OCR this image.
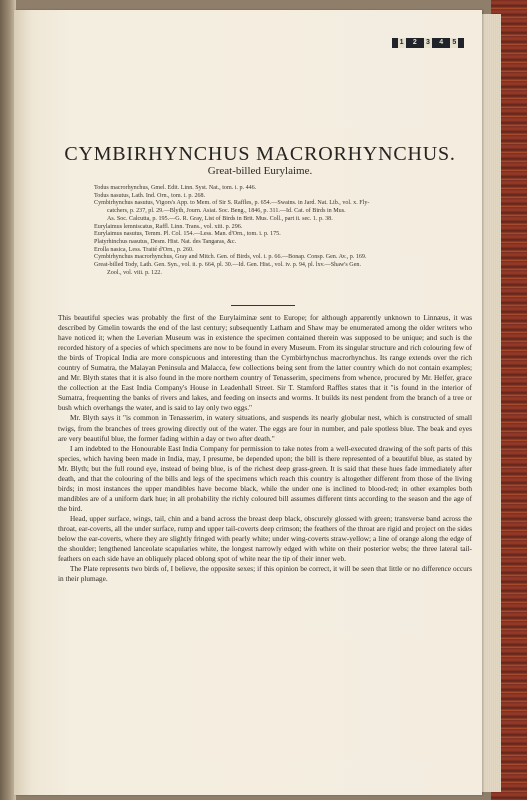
1 2 3 4 5
CYMBIRHYNCHUS MACRORHYNCHUS.
Great-billed Eurylaime.
Todus macrorhynchus, Gmel. Edit. Linn. Syst. Nat., tom. i. p. 446.
Todus nasutus, Lath. Ind. Orn., tom. i. p. 268.
Cymbirhynchus nasutus, Vigors's App. to Mem. of Sir S. Raffles, p. 654.—Swains. in Jard. Nat. Lib., vol. x. Fly-
catchers, p. 237, pl. 29.—Blyth, Journ. Asiat. Soc. Beng., 1846, p. 311.—Id. Cat. of Birds in Mus.
As. Soc. Calcutta, p. 195.—G. R. Gray, List of Birds in Brit. Mus. Coll., part ii. sec. 1. p. 38.
Eurylaimus lemniscatus, Raffl. Linn. Trans., vol. xiii. p. 296.
Eurylaimus nasutus, Temm. Pl. Col. 154.—Less. Man. d'Orn., tom. i. p. 175.
Platyrhinchus nasutus, Desm. Hist. Nat. des Tangaras, &c.
Erolla nasica, Less. Traité d'Orn., p. 260.
Cymbirhynchus macrorhynchus, Gray and Mitch. Gen. of Birds, vol. i. p. 66.—Bonap. Consp. Gen. Av., p. 169.
Great-billed Tody, Lath. Gen. Syn., vol. ii. p. 664, pl. 30.—Id. Gen. Hist., vol. iv. p. 94, pl. lxv.—Shaw's Gen.
Zool., vol. viii. p. 122.

This beautiful species was probably the first of the Eurylaiminæ sent to Europe; for although apparently unknown to Linnæus, it was described by Gmelin towards the end of the last century; subsequently Latham and Shaw may be enumerated among the older writers who have noticed it; when the Leverian Museum was in existence the specimen contained therein was supposed to be unique; and such is the recorded history of a species of which specimens are now to be found in every Museum. From its singular structure and rich colouring few of the birds of Tropical India are more conspicuous and interesting than the Cymbirhynchus macrorhynchus. Its range extends over the rich country of Sumatra, the Malayan Peninsula and Malacca, few collections being sent from the latter country which do not contain examples; and Mr. Blyth states that it is also found in the more northern country of Tenasserim, specimens from whence, procured by Mr. Helfer, grace the collection at the East India Company's House in Leadenhall Street. Sir T. Stamford Raffles states that it "is found in the interior of Sumatra, frequenting the banks of rivers and lakes, and feeding on insects and worms. It builds its nest pendent from the branch of a tree or bush which overhangs the water, and is said to lay only two eggs."

Mr. Blyth says it "is common in Tenasserim, in watery situations, and suspends its nearly globular nest, which is constructed of small twigs, from the branches of trees growing directly out of the water. The eggs are four in number, and pale spotless blue. The beak and eyes are very beautiful blue, the former fading within a day or two after death."

I am indebted to the Honourable East India Company for permission to take notes from a well-executed drawing of the soft parts of this species, which having been made in India, may, I presume, be depended upon; the bill is there represented of a beautiful blue, as stated by Mr. Blyth; but the full round eye, instead of being blue, is of the richest deep grass-green. It is said that these hues fade immediately after death, and that the colouring of the bills and legs of the specimens which reach this country is altogether different from those of the living birds; in most instances the upper mandibles have become black, while the under one is inclined to blood-red; in other examples both mandibles are of a uniform dark hue; in all probability the richly coloured bill assumes different tints according to the season and the age of the bird.

Head, upper surface, wings, tail, chin and a band across the breast deep black, obscurely glossed with green; transverse band across the throat, ear-coverts, all the under surface, rump and upper tail-coverts deep crimson; the feathers of the throat are rigid and project on the sides below the ear-coverts, where they are slightly fringed with pearly white; under wing-coverts straw-yellow; a line of orange along the edge of the shoulder; lengthened lanceolate scapularies white, the longest narrowly edged with white on their posterior webs; the three lateral tail-feathers on each side have an obliquely placed oblong spot of white near the tip of their inner web.

The Plate represents two birds of, I believe, the opposite sexes; if this opinion be correct, it will be seen that little or no difference occurs in their plumage.
